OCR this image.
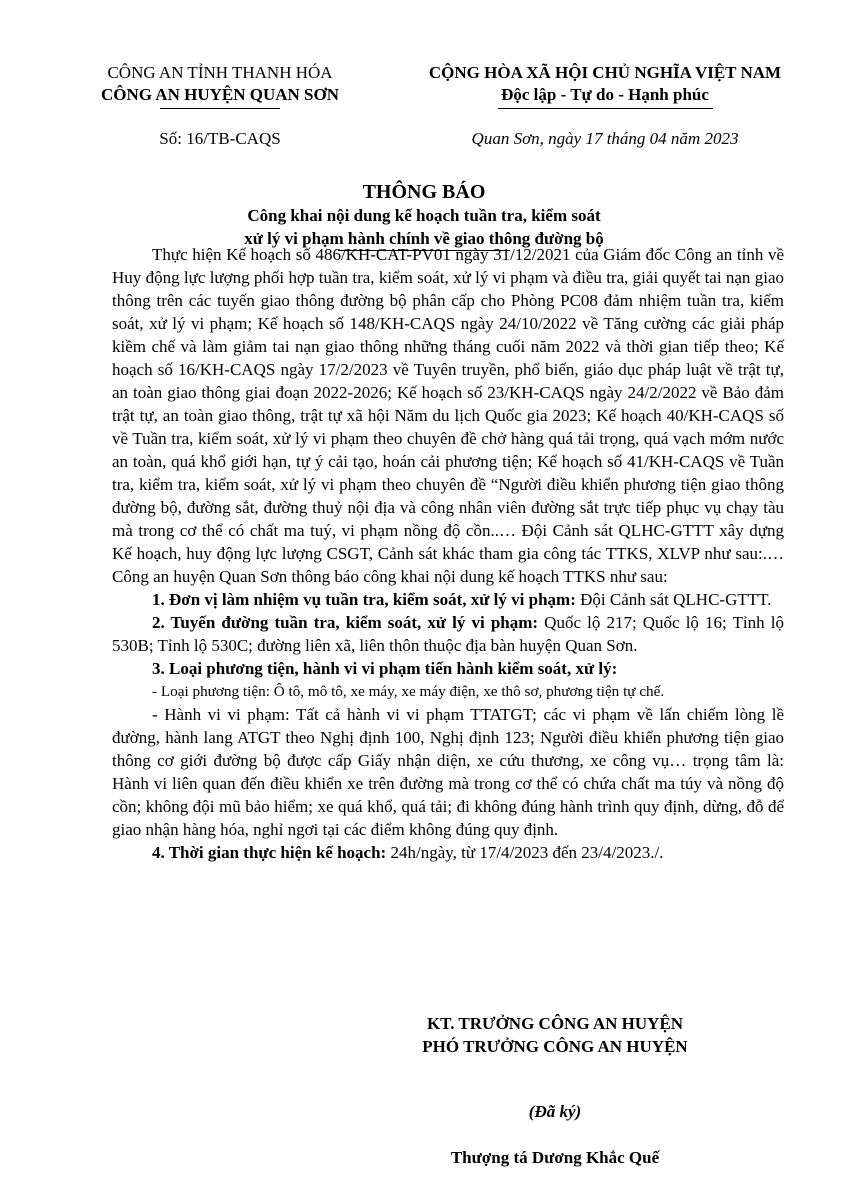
CÔNG AN TỈNH THANH HÓA
CÔNG AN HUYỆN QUAN SƠN
CỘNG HÒA XÃ HỘI CHỦ NGHĨA VIỆT NAM
Độc lập - Tự do - Hạnh phúc
Số: 16/TB-CAQS	Quan Sơn, ngày 17 tháng 04 năm 2023
THÔNG BÁO
Công khai nội dung kế hoạch tuần tra, kiểm soát
xử lý vi phạm hành chính về giao thông đường bộ

Thực hiện Kế hoạch số 486/KH-CAT-PV01 ngày 31/12/2021 của Giám đốc Công an tỉnh về Huy động lực lượng phối hợp tuần tra, kiểm soát, xử lý vi phạm và điều tra, giải quyết tai nạn giao thông trên các tuyến giao thông đường bộ phân cấp cho Phòng PC08 đảm nhiệm tuần tra, kiểm soát, xử lý vi phạm; Kế hoạch số 148/KH-CAQS ngày 24/10/2022 về Tăng cường các giải pháp kiềm chế và làm giảm tai nạn giao thông những tháng cuối năm 2022 và thời gian tiếp theo; Kế hoạch số 16/KH-CAQS ngày 17/2/2023 về Tuyên truyền, phổ biến, giáo dục pháp luật về trật tự, an toàn giao thông giai đoạn 2022-2026; Kế hoạch số 23/KH-CAQS ngày 24/2/2022 về Bảo đảm trật tự, an toàn giao thông, trật tự xã hội Năm du lịch Quốc gia 2023; Kế hoạch 40/KH-CAQS số về Tuần tra, kiểm soát, xử lý vi phạm theo chuyên đề chở hàng quá tải trọng, quá vạch mớm nước an toàn, quá khổ giới hạn, tự ý cải tạo, hoán cải phương tiện; Kế hoạch số 41/KH-CAQS về Tuần tra, kiểm tra, kiểm soát, xử lý vi phạm theo chuyên đề “Người điều khiển phương tiện giao thông đường bộ, đường sắt, đường thuỷ nội địa và công nhân viên đường sắt trực tiếp phục vụ chạy tàu mà trong cơ thể có chất ma tuý, vi phạm nồng độ cồn..… Đội Cảnh sát QLHC-GTTT xây dựng Kế hoạch, huy động lực lượng CSGT, Cảnh sát khác tham gia công tác TTKS, XLVP như sau:.… Công an huyện Quan Sơn thông báo công khai nội dung kế hoạch TTKS như sau:

1. Đơn vị làm nhiệm vụ tuần tra, kiểm soát, xử lý vi phạm: Đội Cảnh sát QLHC-GTTT.

2. Tuyến đường tuần tra, kiểm soát, xử lý vi phạm: Quốc lộ 217; Quốc lộ 16; Tỉnh lộ 530B; Tỉnh lộ 530C; đường liên xã, liên thôn thuộc địa bàn huyện Quan Sơn.

3. Loại phương tiện, hành vi vi phạm tiến hành kiểm soát, xử lý:

- Loại phương tiện: Ô tô, mô tô, xe máy, xe máy điện, xe thô sơ, phương tiện tự chế.

- Hành vi vi phạm: Tất cả hành vi vi phạm TTATGT; các vi phạm về lấn chiếm lòng lề đường, hành lang ATGT theo Nghị định 100, Nghị định 123; Người điều khiển phương tiện giao thông cơ giới đường bộ được cấp Giấy nhận diện, xe cứu thương, xe công vụ… trọng tâm là: Hành vi liên quan đến điều khiển xe trên đường mà trong cơ thể có chứa chất ma túy và nồng độ cồn; không đội mũ bảo hiểm; xe quá khổ, quá tải; đi không đúng hành trình quy định, dừng, đỗ để giao nhận hàng hóa, nghỉ ngơi tại các điểm không đúng quy định.

4. Thời gian thực hiện kế hoạch: 24h/ngày, từ 17/4/2023 đến 23/4/2023./.

KT. TRƯỞNG CÔNG AN HUYỆN
PHÓ TRƯỞNG CÔNG AN HUYỆN
(Đã ký)
Thượng tá Dương Khắc Quế
